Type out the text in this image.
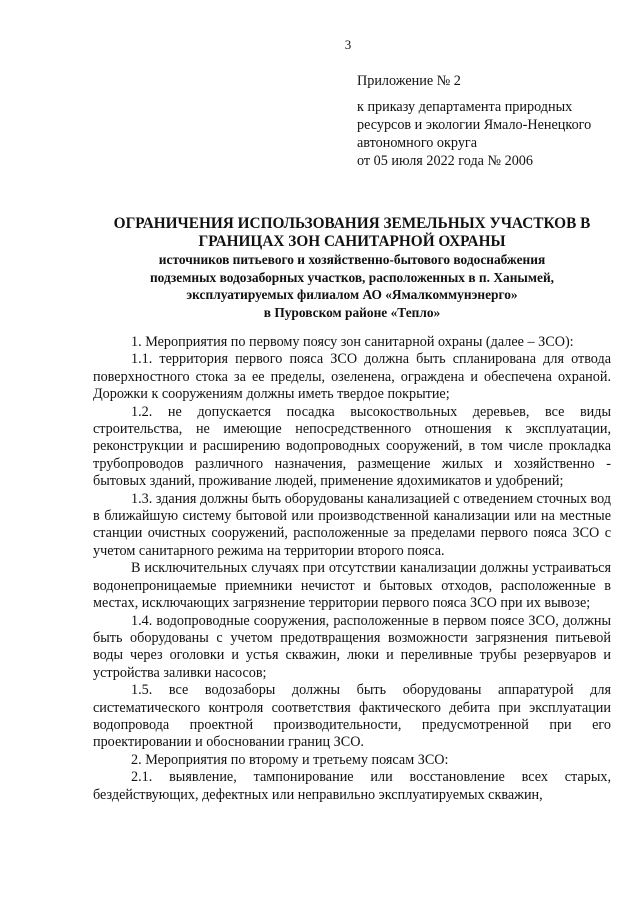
3
Приложение № 2
к приказу департамента природных
ресурсов и экологии Ямало-Ненецкого
автономного округа
от 05 июля 2022 года № 2006
ОГРАНИЧЕНИЯ ИСПОЛЬЗОВАНИЯ ЗЕМЕЛЬНЫХ УЧАСТКОВ В
ГРАНИЦАХ ЗОН САНИТАРНОЙ ОХРАНЫ
источников питьевого и хозяйственно-бытового водоснабжения
подземных водозаборных участков, расположенных в п. Ханымей,
эксплуатируемых филиалом АО «Ямалкоммунэнерго»
в Пуровском районе «Тепло»

1. Мероприятия по первому поясу зон санитарной охраны (далее – ЗСО):

1.1. территория первого пояса ЗСО должна быть спланирована для отвода поверхностного стока за ее пределы, озеленена, ограждена и обеспечена охраной. Дорожки к сооружениям должны иметь твердое покрытие;

1.2. не допускается посадка высокоствольных деревьев, все виды строительства, не имеющие непосредственного отношения к эксплуатации, реконструкции и расширению водопроводных сооружений, в том числе прокладка трубопроводов различного назначения, размещение жилых и хозяйственно - бытовых зданий, проживание людей, применение ядохимикатов и удобрений;

1.3. здания должны быть оборудованы канализацией с отведением сточных вод в ближайшую систему бытовой или производственной канализации или на местные станции очистных сооружений, расположенные за пределами первого пояса ЗСО с учетом санитарного режима на территории второго пояса.

В исключительных случаях при отсутствии канализации должны устраиваться водонепроницаемые приемники нечистот и бытовых отходов, расположенные в местах, исключающих загрязнение территории первого пояса ЗСО при их вывозе;

1.4. водопроводные сооружения, расположенные в первом поясе ЗСО, должны быть оборудованы с учетом предотвращения возможности загрязнения питьевой воды через оголовки и устья скважин, люки и переливные трубы резервуаров и устройства заливки насосов;

1.5. все водозаборы должны быть оборудованы аппаратурой для систематического контроля соответствия фактического дебита при эксплуатации водопровода проектной производительности, предусмотренной при его проектировании и обосновании границ ЗСО.

2. Мероприятия по второму и третьему поясам ЗСО:

2.1. выявление, тампонирование или восстановление всех старых, бездействующих, дефектных или неправильно эксплуатируемых скважин,
